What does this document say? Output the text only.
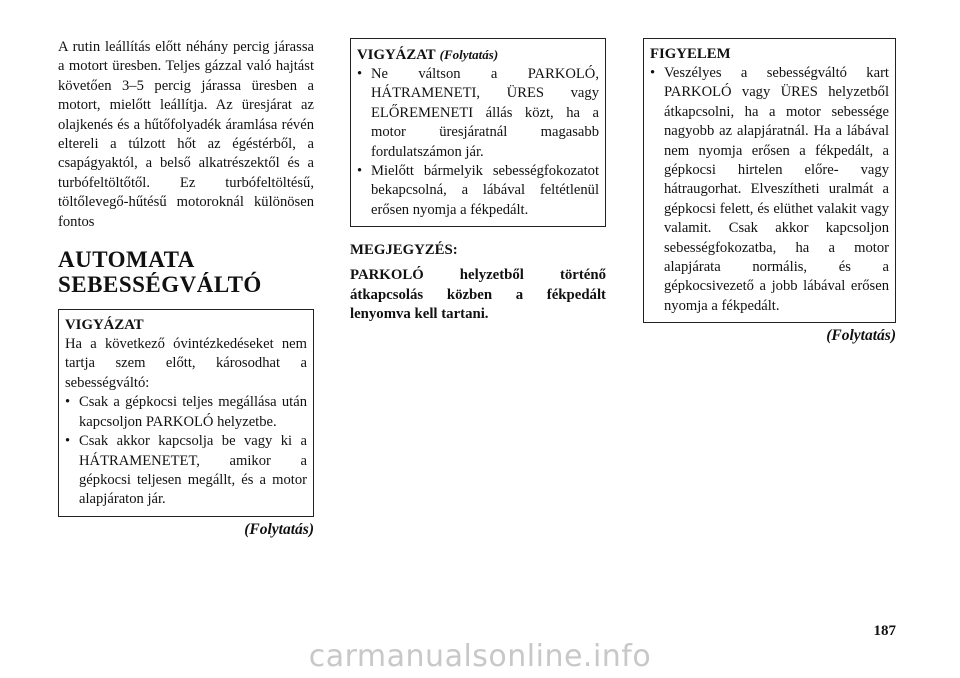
A rutin leállítás előtt néhány percig járassa a motort üresben. Teljes gázzal való hajtást követően 3–5 percig járassa üresben a motort, mielőtt leállítja. Az üresjárat az olajkenés és a hűtőfolyadék áramlása révén eltereli a túlzott hőt az égéstérből, a csapágyaktól, a belső alkatrészektől és a turbófeltöltőtől. Ez turbófeltöltésű, töltőlevegő-hűtésű motoroknál különösen fontos

AUTOMATA SEBESSÉGVÁLTÓ
VIGYÁZAT

Ha a következő óvintézkedéseket nem tartja szem előtt, károsodhat a sebességváltó:

• Csak a gépkocsi teljes megállása után kapcsoljon PARKOLÓ helyzetbe.
• Csak akkor kapcsolja be vagy ki a HÁTRAMENETET, amikor a gépkocsi teljesen megállt, és a motor alapjáraton jár.
(Folytatás)
VIGYÁZAT (Folytatás)
• Ne váltson a PARKOLÓ, HÁTRAMENETI, ÜRES vagy ELŐREMENETI állás közt, ha a motor üresjáratnál magasabb fordulatszámon jár.
• Mielőtt bármelyik sebességfokozatot bekapcsolná, a lábával feltétlenül erősen nyomja a fékpedált.
MEGJEGYZÉS:

PARKOLÓ helyzetből történő átkapcsolás közben a fékpedált lenyomva kell tartani.

FIGYELEM
• Veszélyes a sebességváltó kart PARKOLÓ vagy ÜRES helyzetből átkapcsolni, ha a motor sebessége nagyobb az alapjáratnál. Ha a lábával nem nyomja erősen a fékpedált, a gépkocsi hirtelen előre- vagy hátraugorhat. Elveszítheti uralmát a gépkocsi felett, és elüthet valakit vagy valamit. Csak akkor kapcsoljon sebességfokozatba, ha a motor alapjárata normális, és a gépkocsivezető a jobb lábával erősen nyomja a fékpedált.
(Folytatás)
187
carmanualsonline.info
